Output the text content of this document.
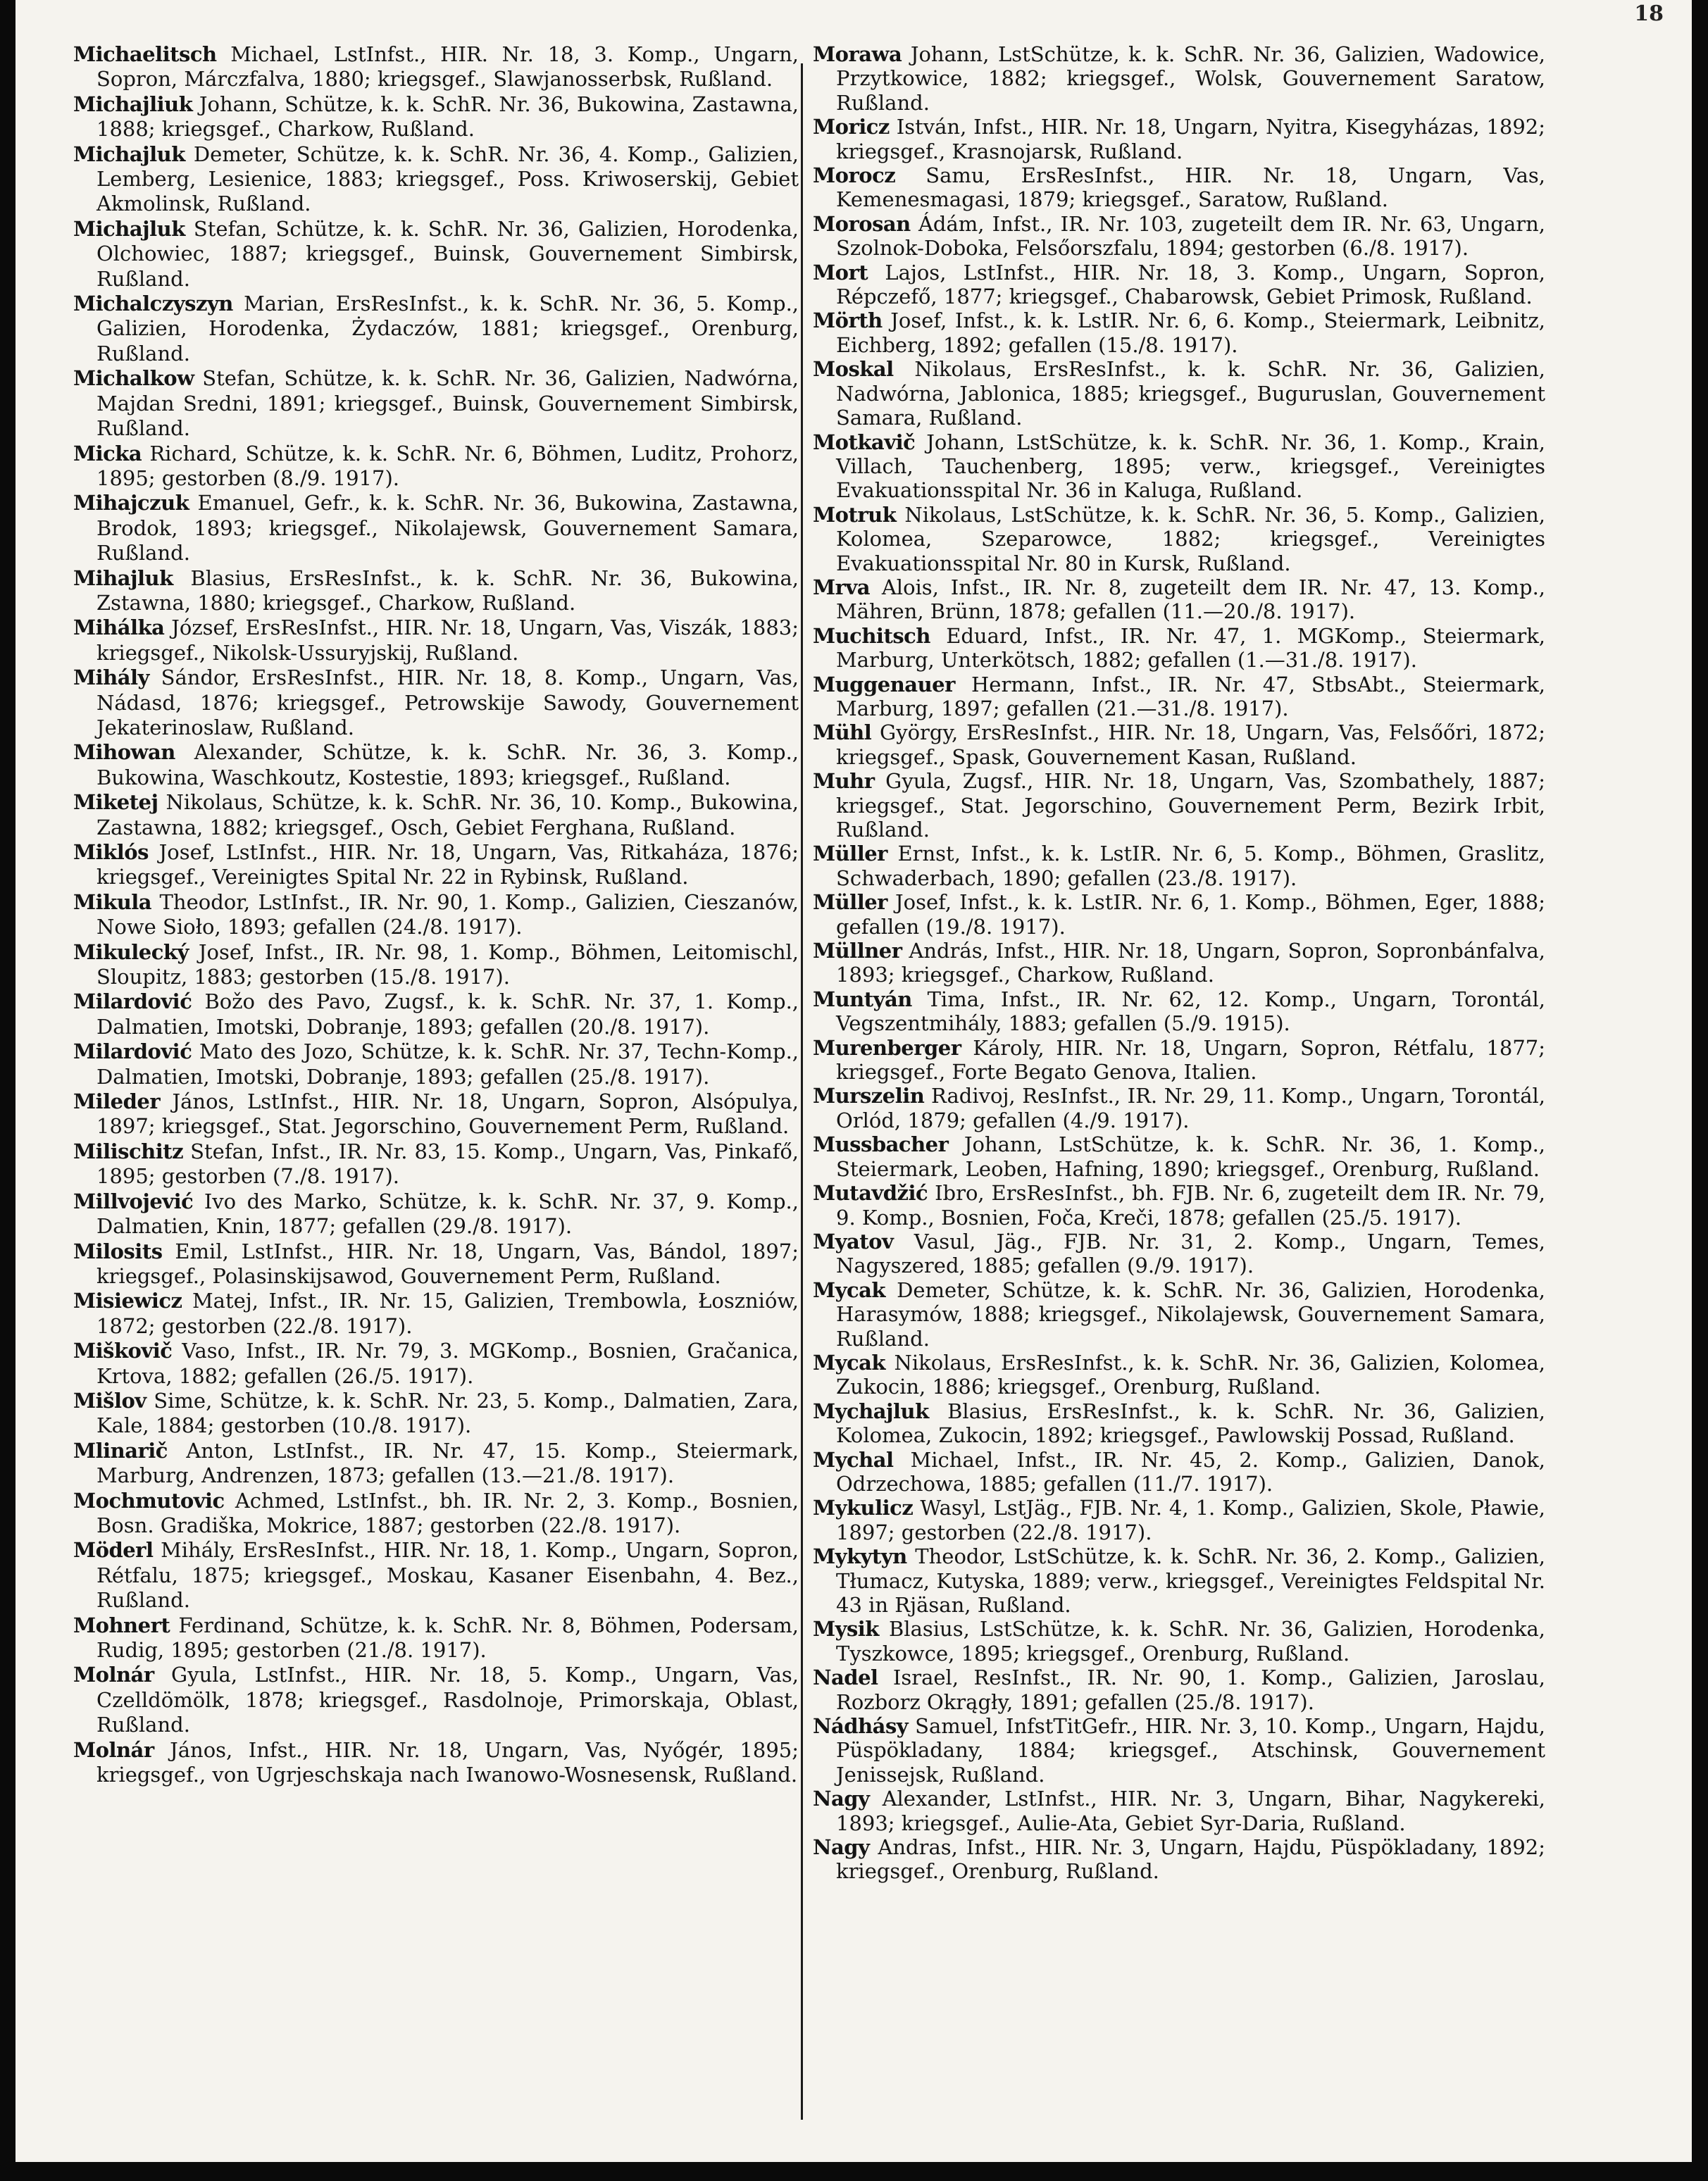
18

Michaelitsch Michael, LstInfst., HIR. Nr. 18, 3. Komp., Ungarn, Sopron, Márczfalva, 1880; kriegsgef., Slawjanosserbsk, Rußland.

Michajliuk Johann, Schütze, k. k. SchR. Nr. 36, Bukowina, Zastawna, 1888; kriegsgef., Charkow, Rußland.

Michajluk Demeter, Schütze, k. k. SchR. Nr. 36, 4. Komp., Galizien, Lemberg, Lesienice, 1883; kriegsgef., Poss. Kriwoserskij, Gebiet Akmolinsk, Rußland.

Michajluk Stefan, Schütze, k. k. SchR. Nr. 36, Galizien, Horodenka, Olchowiec, 1887; kriegsgef., Buinsk, Gouvernement Simbirsk, Rußland.

Michalczyszyn Marian, ErsResInfst., k. k. SchR. Nr. 36, 5. Komp., Galizien, Horodenka, Żydaczów, 1881; kriegsgef., Orenburg, Rußland.

Michalkow Stefan, Schütze, k. k. SchR. Nr. 36, Galizien, Nadwórna, Majdan Sredni, 1891; kriegsgef., Buinsk, Gouvernement Simbirsk, Rußland.

Micka Richard, Schütze, k. k. SchR. Nr. 6, Böhmen, Luditz, Prohorz, 1895; gestorben (8./9. 1917).

Mihajczuk Emanuel, Gefr., k. k. SchR. Nr. 36, Bukowina, Zastawna, Brodok, 1893; kriegsgef., Nikolajewsk, Gouvernement Samara, Rußland.

Mihajluk Blasius, ErsResInfst., k. k. SchR. Nr. 36, Bukowina, Zstawna, 1880; kriegsgef., Charkow, Rußland.

Mihálka József, ErsResInfst., HIR. Nr. 18, Ungarn, Vas, Viszák, 1883; kriegsgef., Nikolsk-Ussuryjskij, Rußland.

Mihály Sándor, ErsResInfst., HIR. Nr. 18, 8. Komp., Ungarn, Vas, Nádasd, 1876; kriegsgef., Petrowskije Sawody, Gouvernement Jekaterinoslaw, Rußland.

Mihowan Alexander, Schütze, k. k. SchR. Nr. 36, 3. Komp., Bukowina, Waschkoutz, Kostestie, 1893; kriegsgef., Rußland.

Miketej Nikolaus, Schütze, k. k. SchR. Nr. 36, 10. Komp., Bukowina, Zastawna, 1882; kriegsgef., Osch, Gebiet Ferghana, Rußland.

Miklós Josef, LstInfst., HIR. Nr. 18, Ungarn, Vas, Ritkaháza, 1876; kriegsgef., Vereinigtes Spital Nr. 22 in Rybinsk, Rußland.

Mikula Theodor, LstInfst., IR. Nr. 90, 1. Komp., Galizien, Cieszanów, Nowe Sioło, 1893; gefallen (24./8. 1917).

Mikulecký Josef, Infst., IR. Nr. 98, 1. Komp., Böhmen, Leitomischl, Sloupitz, 1883; gestorben (15./8. 1917).

Milardović Božo des Pavo, Zugsf., k. k. SchR. Nr. 37, 1. Komp., Dalmatien, Imotski, Dobranje, 1893; gefallen (20./8. 1917).

Milardović Mato des Jozo, Schütze, k. k. SchR. Nr. 37, Techn-Komp., Dalmatien, Imotski, Dobranje, 1893; gefallen (25./8. 1917).

Mileder János, LstInfst., HIR. Nr. 18, Ungarn, Sopron, Alsópulya, 1897; kriegsgef., Stat. Jegorschino, Gouvernement Perm, Rußland.

Milischitz Stefan, Infst., IR. Nr. 83, 15. Komp., Ungarn, Vas, Pinkafő, 1895; gestorben (7./8. 1917).

Millvojević Ivo des Marko, Schütze, k. k. SchR. Nr. 37, 9. Komp., Dalmatien, Knin, 1877; gefallen (29./8. 1917).

Milosits Emil, LstInfst., HIR. Nr. 18, Ungarn, Vas, Bándol, 1897; kriegsgef., Polasinskijsawod, Gouvernement Perm, Rußland.

Misiewicz Matej, Infst., IR. Nr. 15, Galizien, Trembowla, Łoszniów, 1872; gestorben (22./8. 1917).

Miškovič Vaso, Infst., IR. Nr. 79, 3. MGKomp., Bosnien, Gračanica, Krtova, 1882; gefallen (26./5. 1917).

Mišlov Sime, Schütze, k. k. SchR. Nr. 23, 5. Komp., Dalmatien, Zara, Kale, 1884; gestorben (10./8. 1917).

Mlinarič Anton, LstInfst., IR. Nr. 47, 15. Komp., Steiermark, Marburg, Andrenzen, 1873; gefallen (13.—21./8. 1917).

Mochmutovic Achmed, LstInfst., bh. IR. Nr. 2, 3. Komp., Bosnien, Bosn. Gradiška, Mokrice, 1887; gestorben (22./8. 1917).

Möderl Mihály, ErsResInfst., HIR. Nr. 18, 1. Komp., Ungarn, Sopron, Rétfalu, 1875; kriegsgef., Moskau, Kasaner Eisenbahn, 4. Bez., Rußland.

Mohnert Ferdinand, Schütze, k. k. SchR. Nr. 8, Böhmen, Podersam, Rudig, 1895; gestorben (21./8. 1917).

Molnár Gyula, LstInfst., HIR. Nr. 18, 5. Komp., Ungarn, Vas, Czelldömölk, 1878; kriegsgef., Rasdolnoje, Primorskaja, Oblast, Rußland.

Molnár János, Infst., HIR. Nr. 18, Ungarn, Vas, Nyőgér, 1895; kriegsgef., von Ugrjeschskaja nach Iwanowo-Wosnesensk, Rußland.

Morawa Johann, LstSchütze, k. k. SchR. Nr. 36, Galizien, Wadowice, Przytkowice, 1882; kriegsgef., Wolsk, Gouvernement Saratow, Rußland.

Moricz István, Infst., HIR. Nr. 18, Ungarn, Nyitra, Kisegyházas, 1892; kriegsgef., Krasnojarsk, Rußland.

Morocz Samu, ErsResInfst., HIR. Nr. 18, Ungarn, Vas, Kemenesmagasi, 1879; kriegsgef., Saratow, Rußland.

Morosan Ádám, Infst., IR. Nr. 103, zugeteilt dem IR. Nr. 63, Ungarn, Szolnok-Doboka, Felsőorszfalu, 1894; gestorben (6./8. 1917).

Mort Lajos, LstInfst., HIR. Nr. 18, 3. Komp., Ungarn, Sopron, Répczefő, 1877; kriegsgef., Chabarowsk, Gebiet Primosk, Rußland.

Mörth Josef, Infst., k. k. LstIR. Nr. 6, 6. Komp., Steiermark, Leibnitz, Eichberg, 1892; gefallen (15./8. 1917).

Moskal Nikolaus, ErsResInfst., k. k. SchR. Nr. 36, Galizien, Nadwórna, Jablonica, 1885; kriegsgef., Buguruslan, Gouvernement Samara, Rußland.

Motkavič Johann, LstSchütze, k. k. SchR. Nr. 36, 1. Komp., Krain, Villach, Tauchenberg, 1895; verw., kriegsgef., Vereinigtes Evakuationsspital Nr. 36 in Kaluga, Rußland.

Motruk Nikolaus, LstSchütze, k. k. SchR. Nr. 36, 5. Komp., Galizien, Kolomea, Szeparowce, 1882; kriegsgef., Vereinigtes Evakuationsspital Nr. 80 in Kursk, Rußland.

Mrva Alois, Infst., IR. Nr. 8, zugeteilt dem IR. Nr. 47, 13. Komp., Mähren, Brünn, 1878; gefallen (11.—20./8. 1917).

Muchitsch Eduard, Infst., IR. Nr. 47, 1. MGKomp., Steiermark, Marburg, Unterkötsch, 1882; gefallen (1.—31./8. 1917).

Muggenauer Hermann, Infst., IR. Nr. 47, StbsAbt., Steiermark, Marburg, 1897; gefallen (21.—31./8. 1917).

Mühl György, ErsResInfst., HIR. Nr. 18, Ungarn, Vas, Felsőőri, 1872; kriegsgef., Spask, Gouvernement Kasan, Rußland.

Muhr Gyula, Zugsf., HIR. Nr. 18, Ungarn, Vas, Szombathely, 1887; kriegsgef., Stat. Jegorschino, Gouvernement Perm, Bezirk Irbit, Rußland.

Müller Ernst, Infst., k. k. LstIR. Nr. 6, 5. Komp., Böhmen, Graslitz, Schwaderbach, 1890; gefallen (23./8. 1917).

Müller Josef, Infst., k. k. LstIR. Nr. 6, 1. Komp., Böhmen, Eger, 1888; gefallen (19./8. 1917).

Müllner András, Infst., HIR. Nr. 18, Ungarn, Sopron, Sopronbánfalva, 1893; kriegsgef., Charkow, Rußland.

Muntyán Tima, Infst., IR. Nr. 62, 12. Komp., Ungarn, Torontál, Vegszentmihály, 1883; gefallen (5./9. 1915).

Murenberger Károly, HIR. Nr. 18, Ungarn, Sopron, Rétfalu, 1877; kriegsgef., Forte Begato Genova, Italien.

Murszelin Radivoj, ResInfst., IR. Nr. 29, 11. Komp., Ungarn, Torontál, Orlód, 1879; gefallen (4./9. 1917).

Mussbacher Johann, LstSchütze, k. k. SchR. Nr. 36, 1. Komp., Steiermark, Leoben, Hafning, 1890; kriegsgef., Orenburg, Rußland.

Mutavdžić Ibro, ErsResInfst., bh. FJB. Nr. 6, zugeteilt dem IR. Nr. 79, 9. Komp., Bosnien, Foča, Kreči, 1878; gefallen (25./5. 1917).

Myatov Vasul, Jäg., FJB. Nr. 31, 2. Komp., Ungarn, Temes, Nagyszered, 1885; gefallen (9./9. 1917).

Mycak Demeter, Schütze, k. k. SchR. Nr. 36, Galizien, Horodenka, Harasymów, 1888; kriegsgef., Nikolajewsk, Gouvernement Samara, Rußland.

Mycak Nikolaus, ErsResInfst., k. k. SchR. Nr. 36, Galizien, Kolomea, Zukocin, 1886; kriegsgef., Orenburg, Rußland.

Mychajluk Blasius, ErsResInfst., k. k. SchR. Nr. 36, Galizien, Kolomea, Zukocin, 1892; kriegsgef., Pawlowskij Possad, Rußland.

Mychal Michael, Infst., IR. Nr. 45, 2. Komp., Galizien, Danok, Odrzechowa, 1885; gefallen (11./7. 1917).

Mykulicz Wasyl, LstJäg., FJB. Nr. 4, 1. Komp., Galizien, Skole, Pławie, 1897; gestorben (22./8. 1917).

Mykytyn Theodor, LstSchütze, k. k. SchR. Nr. 36, 2. Komp., Galizien, Tłumacz, Kutyska, 1889; verw., kriegsgef., Vereinigtes Feldspital Nr. 43 in Rjäsan, Rußland.

Mysik Blasius, LstSchütze, k. k. SchR. Nr. 36, Galizien, Horodenka, Tyszkowce, 1895; kriegsgef., Orenburg, Rußland.

Nadel Israel, ResInfst., IR. Nr. 90, 1. Komp., Galizien, Jaroslau, Rozborz Okrągły, 1891; gefallen (25./8. 1917).

Nádhásy Samuel, InfstTitGefr., HIR. Nr. 3, 10. Komp., Ungarn, Hajdu, Püspökladany, 1884; kriegsgef., Atschinsk, Gouvernement Jenissejsk, Rußland.

Nagy Alexander, LstInfst., HIR. Nr. 3, Ungarn, Bihar, Nagykereki, 1893; kriegsgef., Aulie-Ata, Gebiet Syr-Daria, Rußland.

Nagy Andras, Infst., HIR. Nr. 3, Ungarn, Hajdu, Püspökladany, 1892; kriegsgef., Orenburg, Rußland.
